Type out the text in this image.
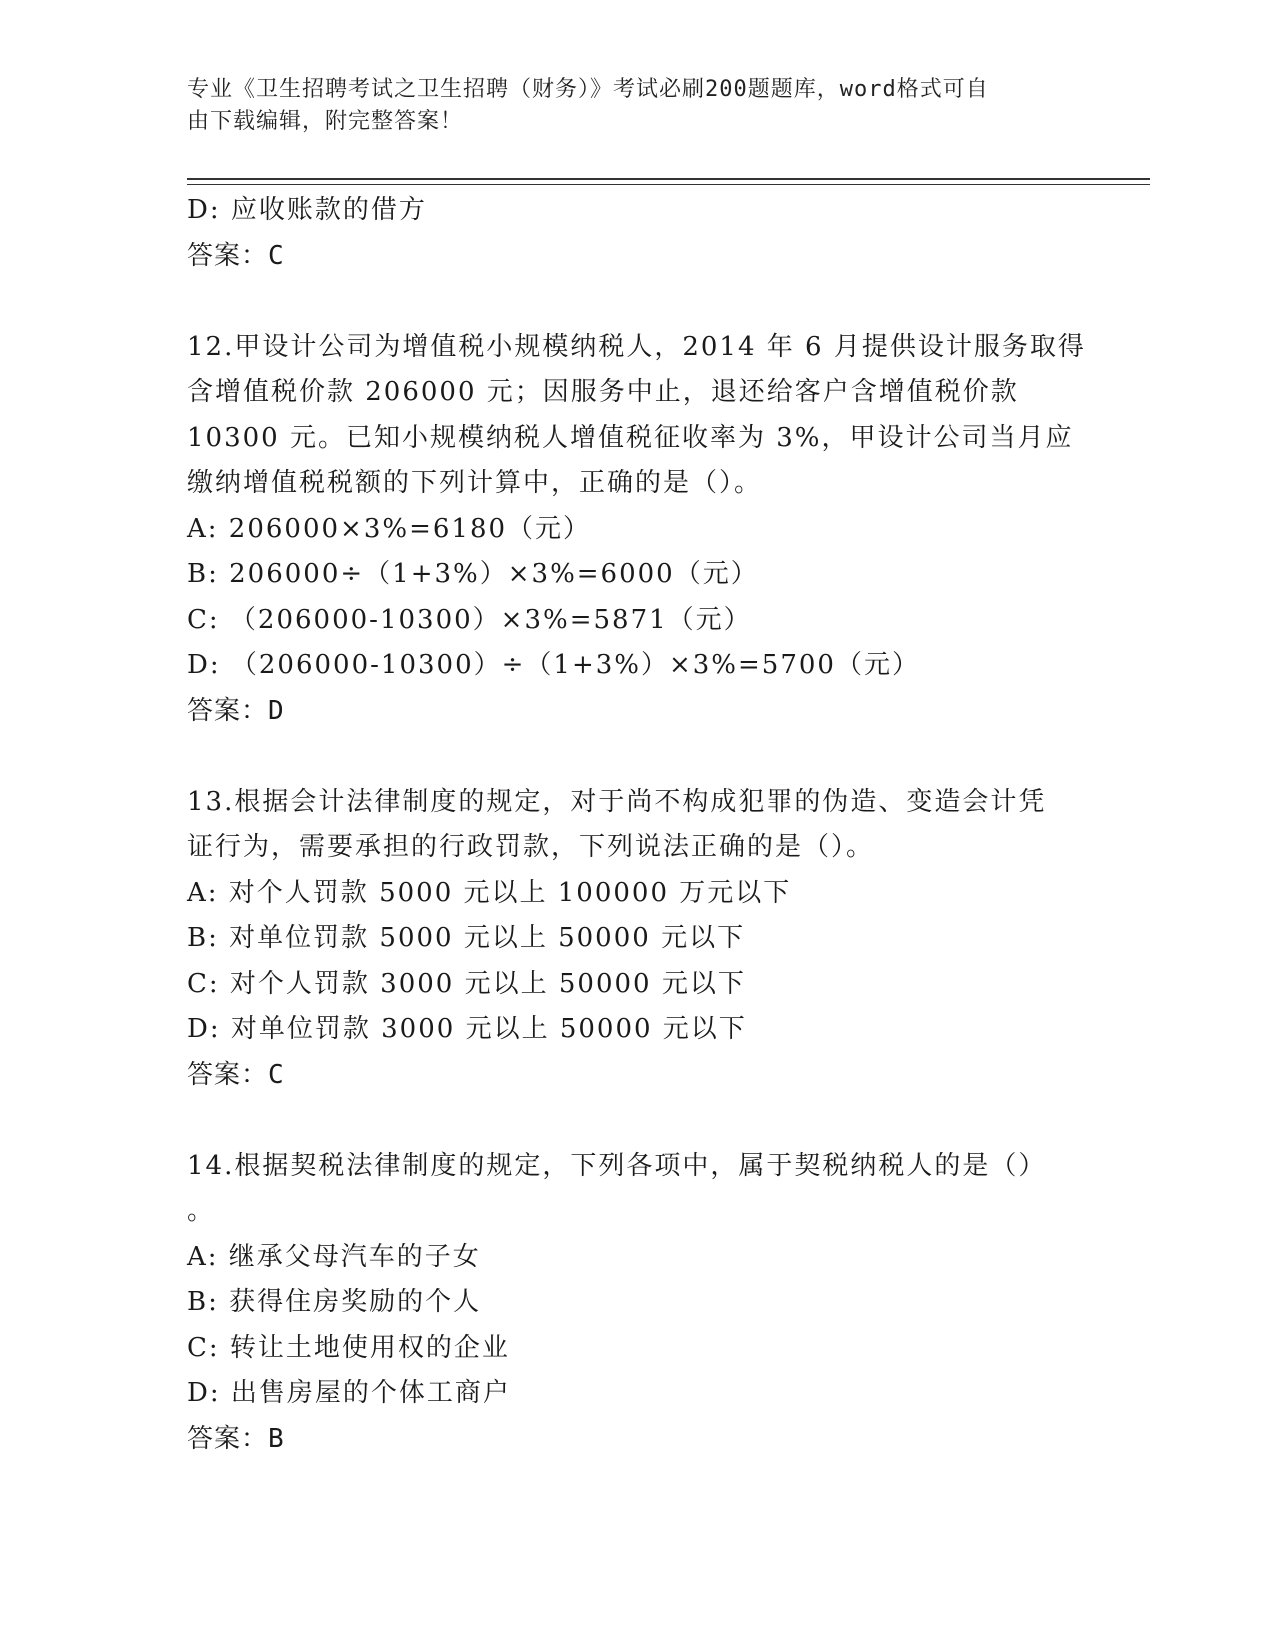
专业《卫生招聘考试之卫生招聘（财务）》考试必刷200题题库，word格式可自
由下载编辑，附完整答案！
D: 应收账款的借方
答案：C
12.甲设计公司为增值税小规模纳税人，2014 年 6 月提供设计服务取得
含增值税价款 206000 元；因服务中止，退还给客户含增值税价款
10300 元。已知小规模纳税人增值税征收率为 3%，甲设计公司当月应
缴纳增值税税额的下列计算中，正确的是（）。
A: 206000×3%=6180（元）
B: 206000÷（1+3%）×3%=6000（元）
C: （206000-10300）×3%=5871（元）
D: （206000-10300）÷（1+3%）×3%=5700（元）
答案：D
13.根据会计法律制度的规定，对于尚不构成犯罪的伪造、变造会计凭
证行为，需要承担的行政罚款，下列说法正确的是（）。
A: 对个人罚款 5000 元以上 100000 万元以下
B: 对单位罚款 5000 元以上 50000 元以下
C: 对个人罚款 3000 元以上 50000 元以下
D: 对单位罚款 3000 元以上 50000 元以下
答案：C
14.根据契税法律制度的规定，下列各项中，属于契税纳税人的是（）
。
A: 继承父母汽车的子女
B: 获得住房奖励的个人
C: 转让土地使用权的企业
D: 出售房屋的个体工商户
答案：B
